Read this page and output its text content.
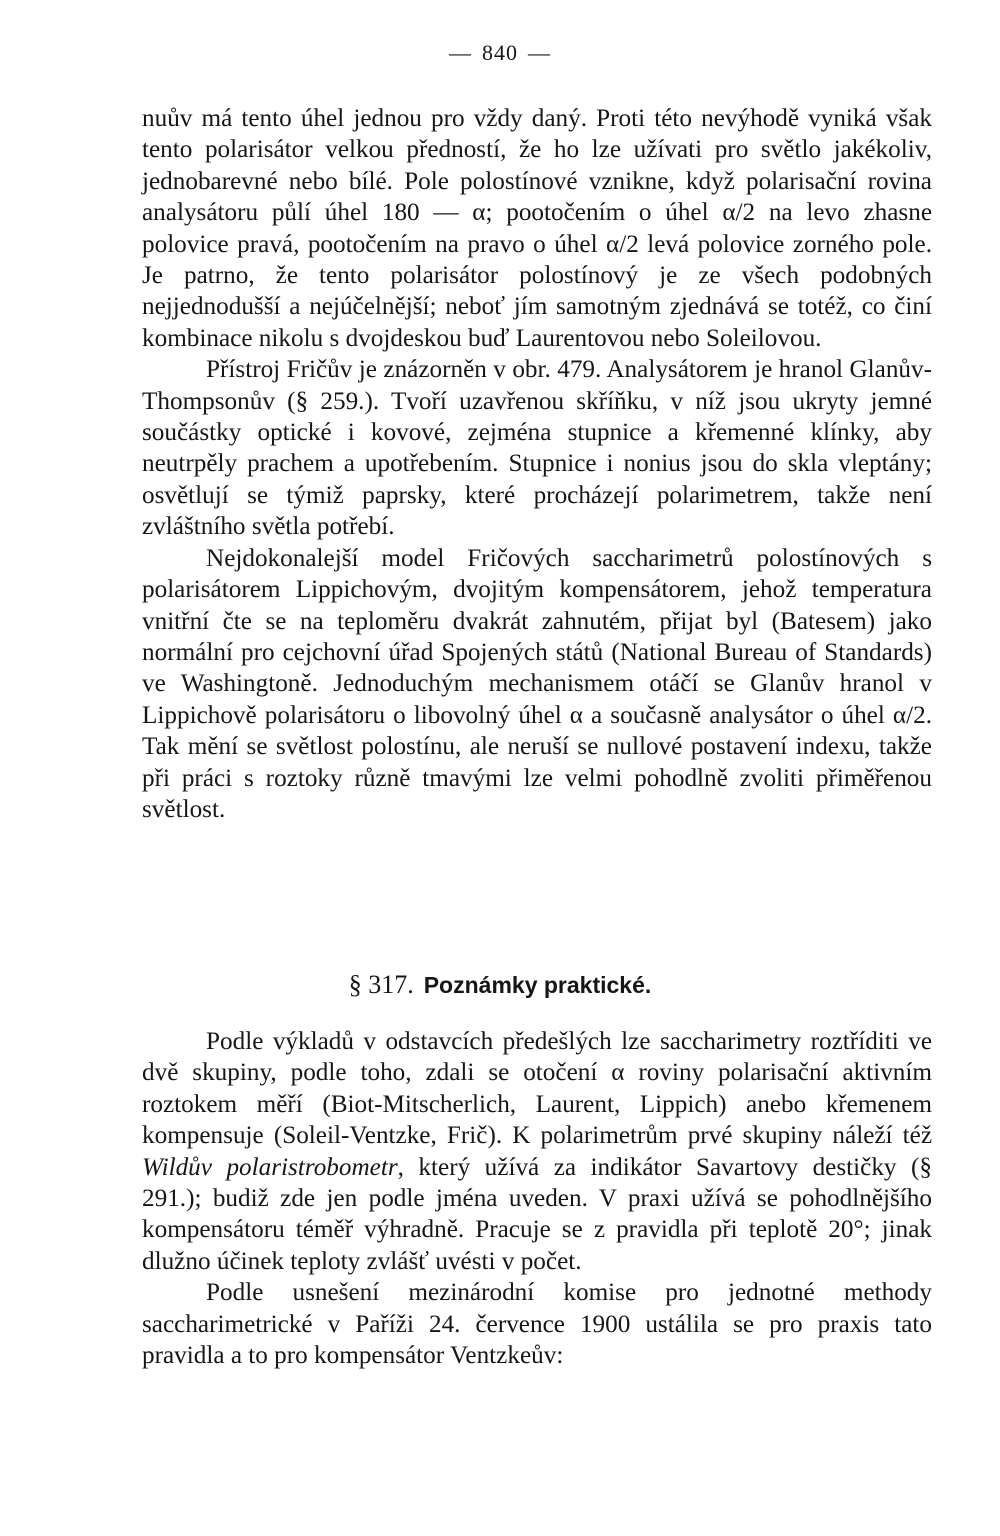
— 840 —

nuův má tento úhel jednou pro vždy daný. Proti této nevýhodě vyniká však tento polarisátor velkou předností, že ho lze užívati pro světlo jakékoliv, jednobarevné nebo bílé. Pole polostínové vznikne, když polarisační rovina analysátoru půlí úhel 180 — α; pootočením o úhel α/2 na levo zhasne polovice pravá, pootočením na pravo o úhel α/2 levá polovice zorného pole. Je patrno, že tento polarisátor polostínový je ze všech podobných nejjednodušší a nejúčelnější; neboť jím samotným zjednává se totéž, co činí kombinace nikolu s dvojdeskou buď Laurentovou nebo Soleilovou.

Přístroj Fričův je znázorněn v obr. 479. Analysátorem je hranol Glanův-Thompsonův (§ 259.). Tvoří uzavřenou skříňku, v níž jsou ukryty jemné součástky optické i kovové, zejména stupnice a křemenné klínky, aby neutrpěly prachem a upotřebením. Stupnice i nonius jsou do skla vleptány; osvětlují se týmiž paprsky, které procházejí polarimetrem, takže není zvláštního světla potřebí.

Nejdokonalejší model Fričových saccharimetrů polostínových s polarisátorem Lippichovým, dvojitým kompensátorem, jehož temperatura vnitřní čte se na teploměru dvakrát zahnutém, přijat byl (Batesem) jako normální pro cejchovní úřad Spojených států (National Bureau of Standards) ve Washingtoně. Jednoduchým mechanismem otáčí se Glanův hranol v Lippichově polarisátoru o libovolný úhel α a současně analysátor o úhel α/2. Tak mění se světlost polostínu, ale neruší se nullové postavení indexu, takže při práci s roztoky různě tmavými lze velmi pohodlně zvoliti přiměřenou světlost.

§ 317. Poznámky praktické.

Podle výkladů v odstavcích předešlých lze saccharimetry roztříditi ve dvě skupiny, podle toho, zdali se otočení α roviny polarisační aktivním roztokem měří (Biot-Mitscherlich, Laurent, Lippich) anebo křemenem kompensuje (Soleil-Ventzke, Frič). K polarimetrům prvé skupiny náleží též Wildův polaristrobometr, který užívá za indikátor Savartovy destičky (§ 291.); budiž zde jen podle jména uveden. V praxi užívá se pohodlnějšího kompensátoru téměř výhradně. Pracuje se z pravidla při teplotě 20°; jinak dlužno účinek teploty zvlášť uvésti v počet.

Podle usnešení mezinárodní komise pro jednotné methody saccharimetrické v Paříži 24. července 1900 ustálila se pro praxis tato pravidla a to pro kompensátor Ventzkeův:
